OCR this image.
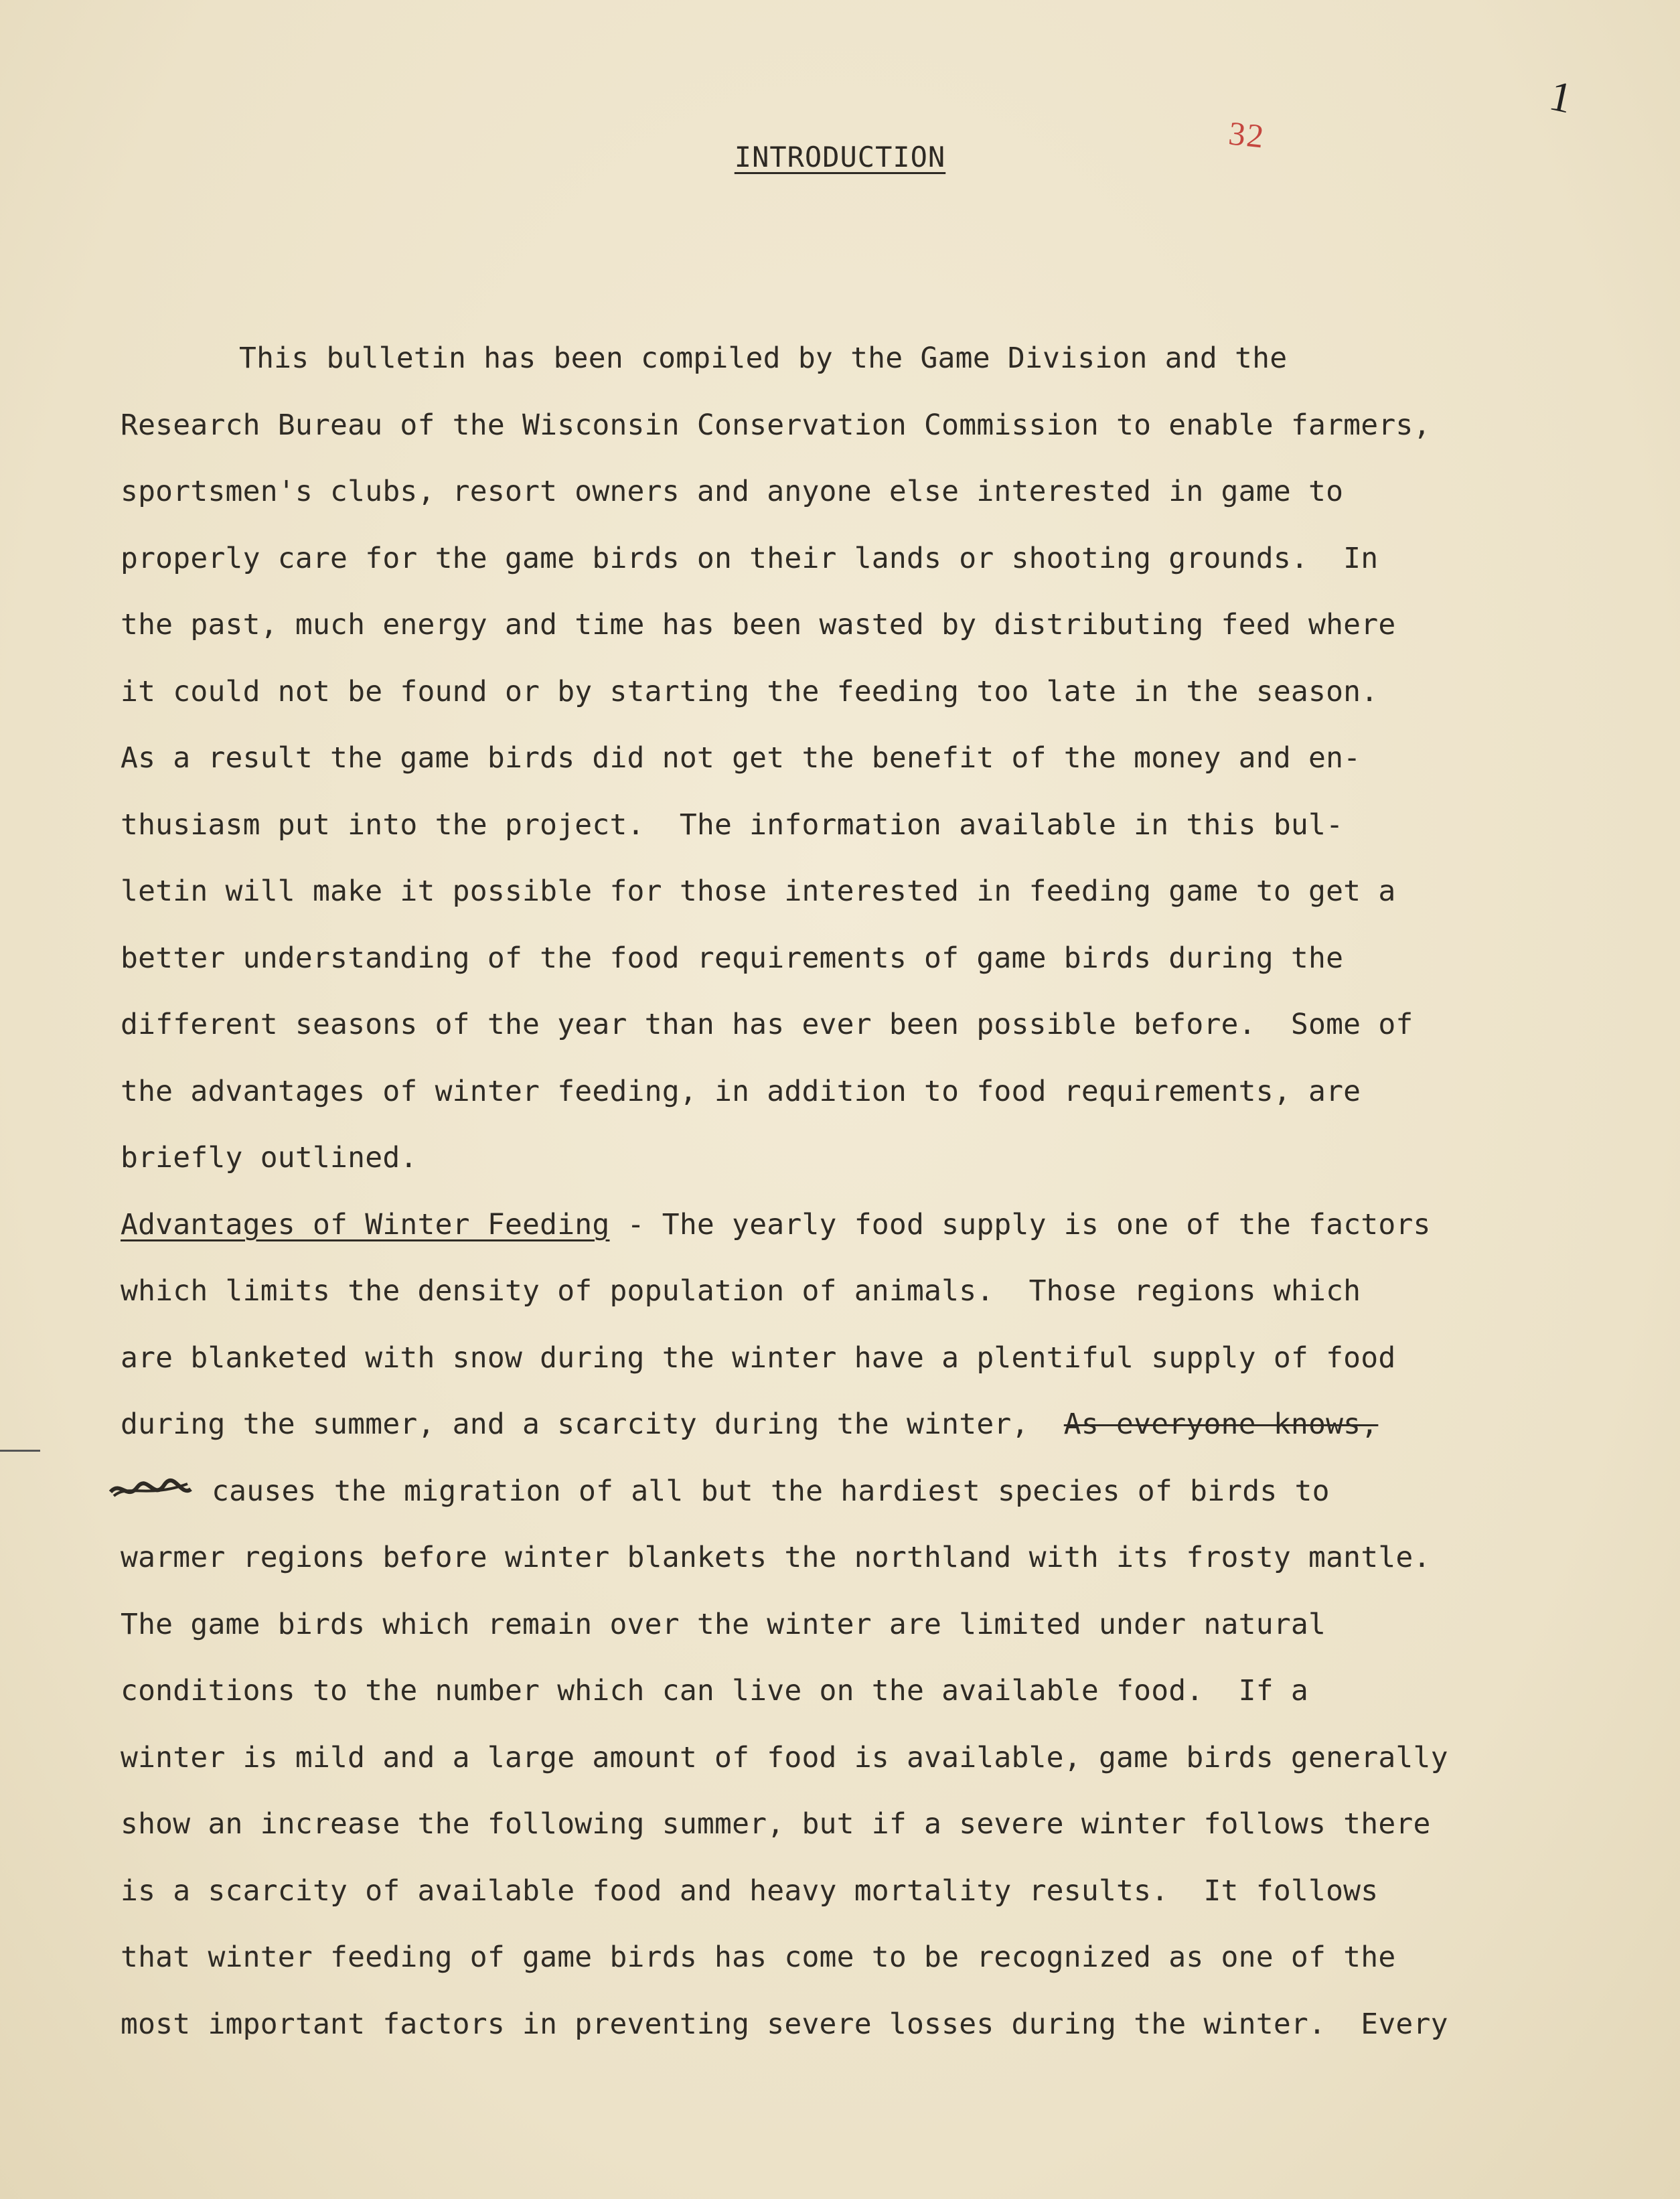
1
32
INTRODUCTION
This bulletin has been compiled by the Game Division and the
Research Bureau of the Wisconsin Conservation Commission to enable farmers,
sportsmen's clubs, resort owners and anyone else interested in game to
properly care for the game birds on their lands or shooting grounds.  In
the past, much energy and time has been wasted by distributing feed where
it could not be found or by starting the feeding too late in the season.
As a result the game birds did not get the benefit of the money and en-
thusiasm put into the project.  The information available in this bul-
letin will make it possible for those interested in feeding game to get a
better understanding of the food requirements of game birds during the
different seasons of the year than has ever been possible before.  Some of
the advantages of winter feeding, in addition to food requirements, are
briefly outlined.
Advantages of Winter Feeding - The yearly food supply is one of the factors
which limits the density of population of animals.  Those regions which
are blanketed with snow during the winter have a plentiful supply of food
during the summer, and a scarcity during the winter,  As everyone knows,
causes the migration of all but the hardiest species of birds to
warmer regions before winter blankets the northland with its frosty mantle.
The game birds which remain over the winter are limited under natural
conditions to the number which can live on the available food.  If a
winter is mild and a large amount of food is available, game birds generally
show an increase the following summer, but if a severe winter follows there
is a scarcity of available food and heavy mortality results.  It follows
that winter feeding of game birds has come to be recognized as one of the
most important factors in preventing severe losses during the winter.  Every
